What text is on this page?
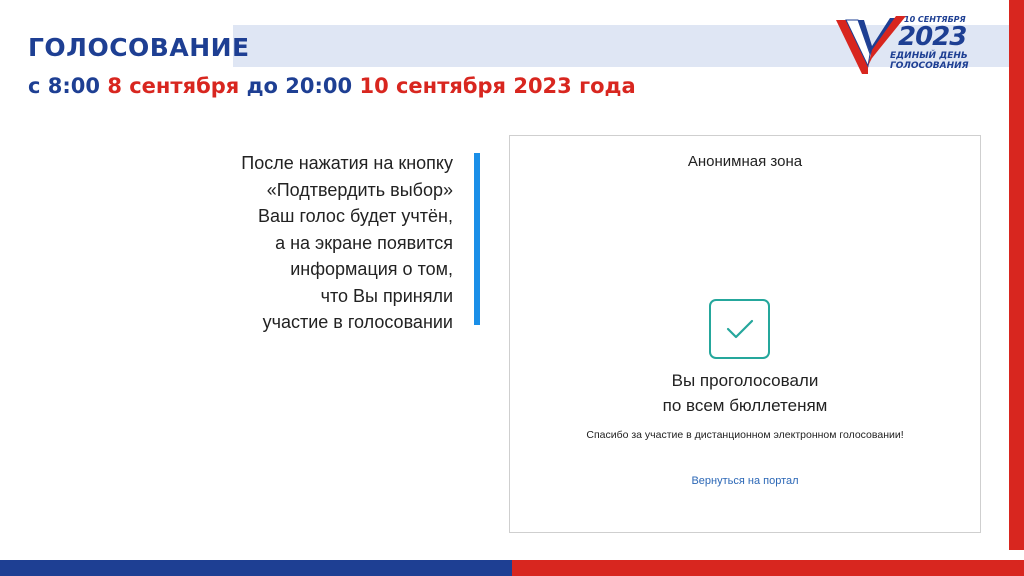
ГОЛОСОВАНИЕ
с 8:00 8 сентября до 20:00 10 сентября 2023 года
10 СЕНТЯБРЯ
2023
ЕДИНЫЙ ДЕНЬ
ГОЛОСОВАНИЯ
После нажатия на кнопку
«Подтвердить выбор»
Ваш голос будет учтён,
а на экране появится
информация о том,
что Вы приняли
участие в голосовании
Анонимная зона
Вы проголосовали
по всем бюллетеням
Спасибо за участие в дистанционном электронном голосовании!
Вернуться на портал
